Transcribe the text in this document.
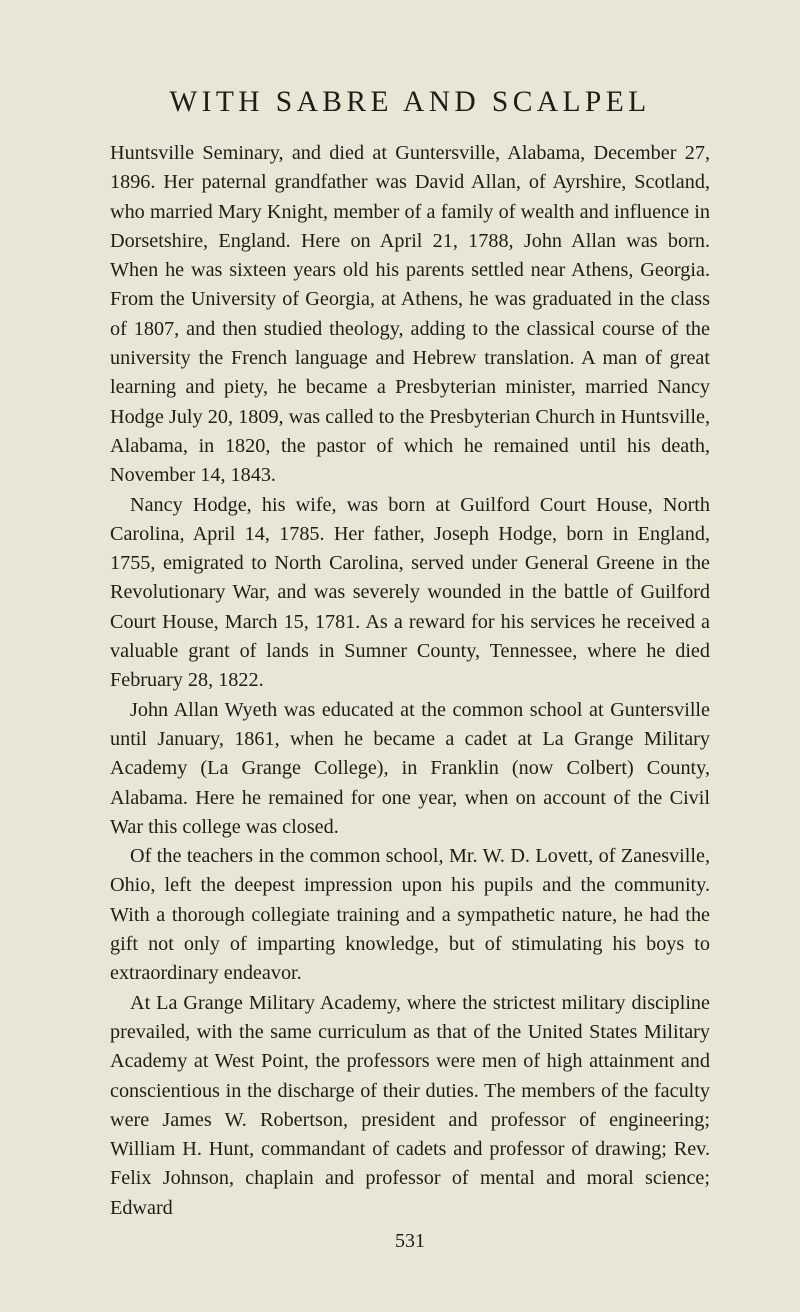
WITH SABRE AND SCALPEL

Huntsville Seminary, and died at Guntersville, Alabama, December 27, 1896. Her paternal grandfather was David Allan, of Ayrshire, Scotland, who married Mary Knight, member of a family of wealth and influence in Dorsetshire, England. Here on April 21, 1788, John Allan was born. When he was sixteen years old his parents settled near Athens, Georgia. From the University of Georgia, at Athens, he was graduated in the class of 1807, and then studied theology, adding to the classical course of the university the French language and Hebrew translation. A man of great learning and piety, he became a Presbyterian minister, married Nancy Hodge July 20, 1809, was called to the Presbyterian Church in Huntsville, Alabama, in 1820, the pastor of which he remained until his death, November 14, 1843.

Nancy Hodge, his wife, was born at Guilford Court House, North Carolina, April 14, 1785. Her father, Joseph Hodge, born in England, 1755, emigrated to North Carolina, served under General Greene in the Revolutionary War, and was severely wounded in the battle of Guilford Court House, March 15, 1781. As a reward for his services he received a valuable grant of lands in Sumner County, Tennessee, where he died February 28, 1822.

John Allan Wyeth was educated at the common school at Guntersville until January, 1861, when he became a cadet at La Grange Military Academy (La Grange College), in Franklin (now Colbert) County, Alabama. Here he remained for one year, when on account of the Civil War this college was closed.

Of the teachers in the common school, Mr. W. D. Lovett, of Zanesville, Ohio, left the deepest impression upon his pupils and the community. With a thorough collegiate training and a sympathetic nature, he had the gift not only of imparting knowledge, but of stimulating his boys to extraordinary endeavor.

At La Grange Military Academy, where the strictest military discipline prevailed, with the same curriculum as that of the United States Military Academy at West Point, the professors were men of high attainment and conscientious in the discharge of their duties. The members of the faculty were James W. Robertson, president and professor of engineering; William H. Hunt, commandant of cadets and professor of drawing; Rev. Felix Johnson, chaplain and professor of mental and moral science; Edward

531
